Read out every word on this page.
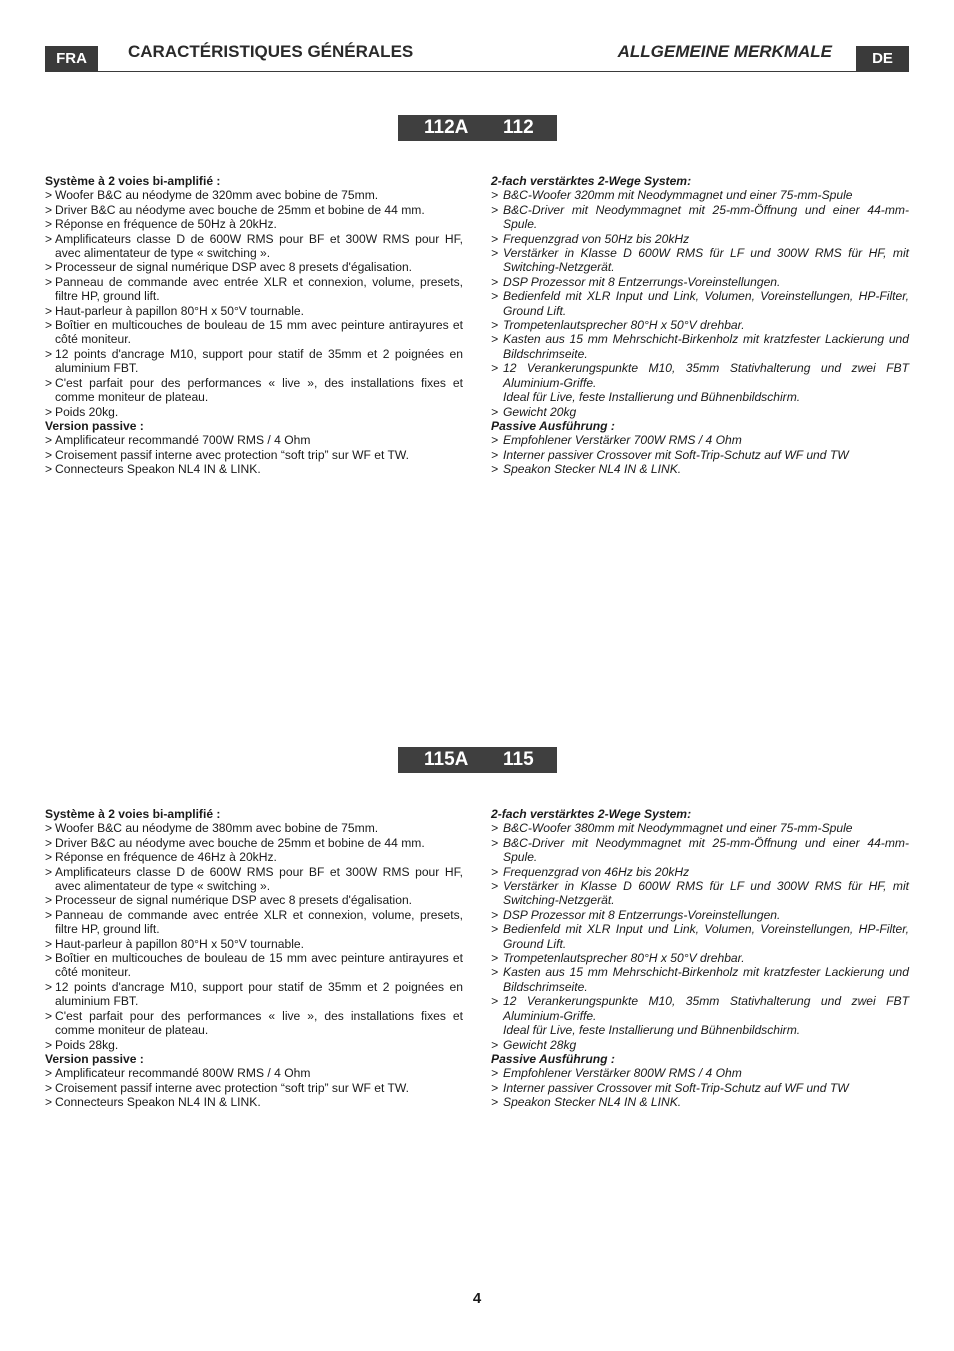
FRA	CARACTÉRISTIQUES GÉNÉRALES	ALLGEMEINE MERKMALE	DE
112A 112

Système à 2 voies bi-amplifié :

> Woofer B&C au néodyme de 320mm avec bobine de 75mm.
> Driver B&C au néodyme avec bouche de 25mm et bobine de 44 mm.
> Réponse en fréquence de 50Hz à 20kHz.
> Amplificateurs classe D de 600W RMS pour BF et 300W RMS pour HF, avec alimentateur de type « switching ».
> Processeur de signal numérique DSP avec 8 presets d'égalisation.
> Panneau de commande avec entrée XLR et connexion, volume, presets, filtre HP, ground lift.
> Haut-parleur à papillon 80°H x 50°V tournable.
> Boîtier en multicouches de bouleau de 15 mm avec peinture antirayures et côté moniteur.
> 12 points d'ancrage M10, support pour statif de 35mm et 2 poignées en aluminium FBT.
> C'est parfait pour des performances « live », des installations fixes et comme moniteur de plateau.
> Poids 20kg.

Version passive :

> Amplificateur recommandé 700W RMS / 4 Ohm
> Croisement passif interne avec protection “soft trip” sur WF et TW.
> Connecteurs Speakon NL4 IN & LINK.

2-fach verstärktes 2-Wege System:

> B&C-Woofer 320mm mit Neodymmagnet und einer 75-mm-Spule
> B&C-Driver mit Neodymmagnet mit 25-mm-Öffnung und einer 44-mm-Spule.
> Frequenzgrad von 50Hz bis 20kHz
> Verstärker in Klasse D 600W RMS für LF und 300W RMS für HF, mit Switching-Netzgerät.
> DSP Prozessor mit 8 Entzerrungs-Voreinstellungen.
> Bedienfeld mit XLR Input und Link, Volumen, Voreinstellungen, HP-Filter, Ground Lift.
> Trompetenlautsprecher 80°H x 50°V drehbar.
> Kasten aus 15 mm Mehrschicht-Birkenholz mit kratzfester Lackierung und Bildschrimseite.
> 12 Verankerungspunkte M10, 35mm Stativhalterung und zwei FBT Aluminium-Griffe.
Ideal für Live, feste Installierung und Bühnenbildschirm.
> Gewicht 20kg

Passive Ausführung :

> Empfohlener Verstärker 700W RMS / 4 Ohm
> Interner passiver Crossover mit Soft-Trip-Schutz auf WF und TW
> Speakon Stecker NL4 IN & LINK.
115A 115

Système à 2 voies bi-amplifié :

> Woofer B&C au néodyme de 380mm avec bobine de 75mm.
> Driver B&C au néodyme avec bouche de 25mm et bobine de 44 mm.
> Réponse en fréquence de 46Hz à 20kHz.
> Amplificateurs classe D de 600W RMS pour BF et 300W RMS pour HF, avec alimentateur de type « switching ».
> Processeur de signal numérique DSP avec 8 presets d'égalisation.
> Panneau de commande avec entrée XLR et connexion, volume, presets, filtre HP, ground lift.
> Haut-parleur à papillon 80°H x 50°V tournable.
> Boîtier en multicouches de bouleau de 15 mm avec peinture antirayures et côté moniteur.
> 12 points d'ancrage M10, support pour statif de 35mm et 2 poignées en aluminium FBT.
> C'est parfait pour des performances « live », des installations fixes et comme moniteur de plateau.
> Poids 28kg.

Version passive :

> Amplificateur recommandé 800W RMS / 4 Ohm
> Croisement passif interne avec protection “soft trip” sur WF et TW.
> Connecteurs Speakon NL4 IN & LINK.

2-fach verstärktes 2-Wege System:

> B&C-Woofer 380mm mit Neodymmagnet und einer 75-mm-Spule
> B&C-Driver mit Neodymmagnet mit 25-mm-Öffnung und einer 44-mm-Spule.
> Frequenzgrad von 46Hz bis 20kHz
> Verstärker in Klasse D 600W RMS für LF und 300W RMS für HF, mit Switching-Netzgerät.
> DSP Prozessor mit 8 Entzerrungs-Voreinstellungen.
> Bedienfeld mit XLR Input und Link, Volumen, Voreinstellungen, HP-Filter, Ground Lift.
> Trompetenlautsprecher 80°H x 50°V drehbar.
> Kasten aus 15 mm Mehrschicht-Birkenholz mit kratzfester Lackierung und Bildschrimseite.
> 12 Verankerungspunkte M10, 35mm Stativhalterung und zwei FBT Aluminium-Griffe.
Ideal für Live, feste Installierung und Bühnenbildschirm.
> Gewicht 28kg

Passive Ausführung :

> Empfohlener Verstärker 800W RMS / 4 Ohm
> Interner passiver Crossover mit Soft-Trip-Schutz auf WF und TW
> Speakon Stecker NL4 IN & LINK.
4
